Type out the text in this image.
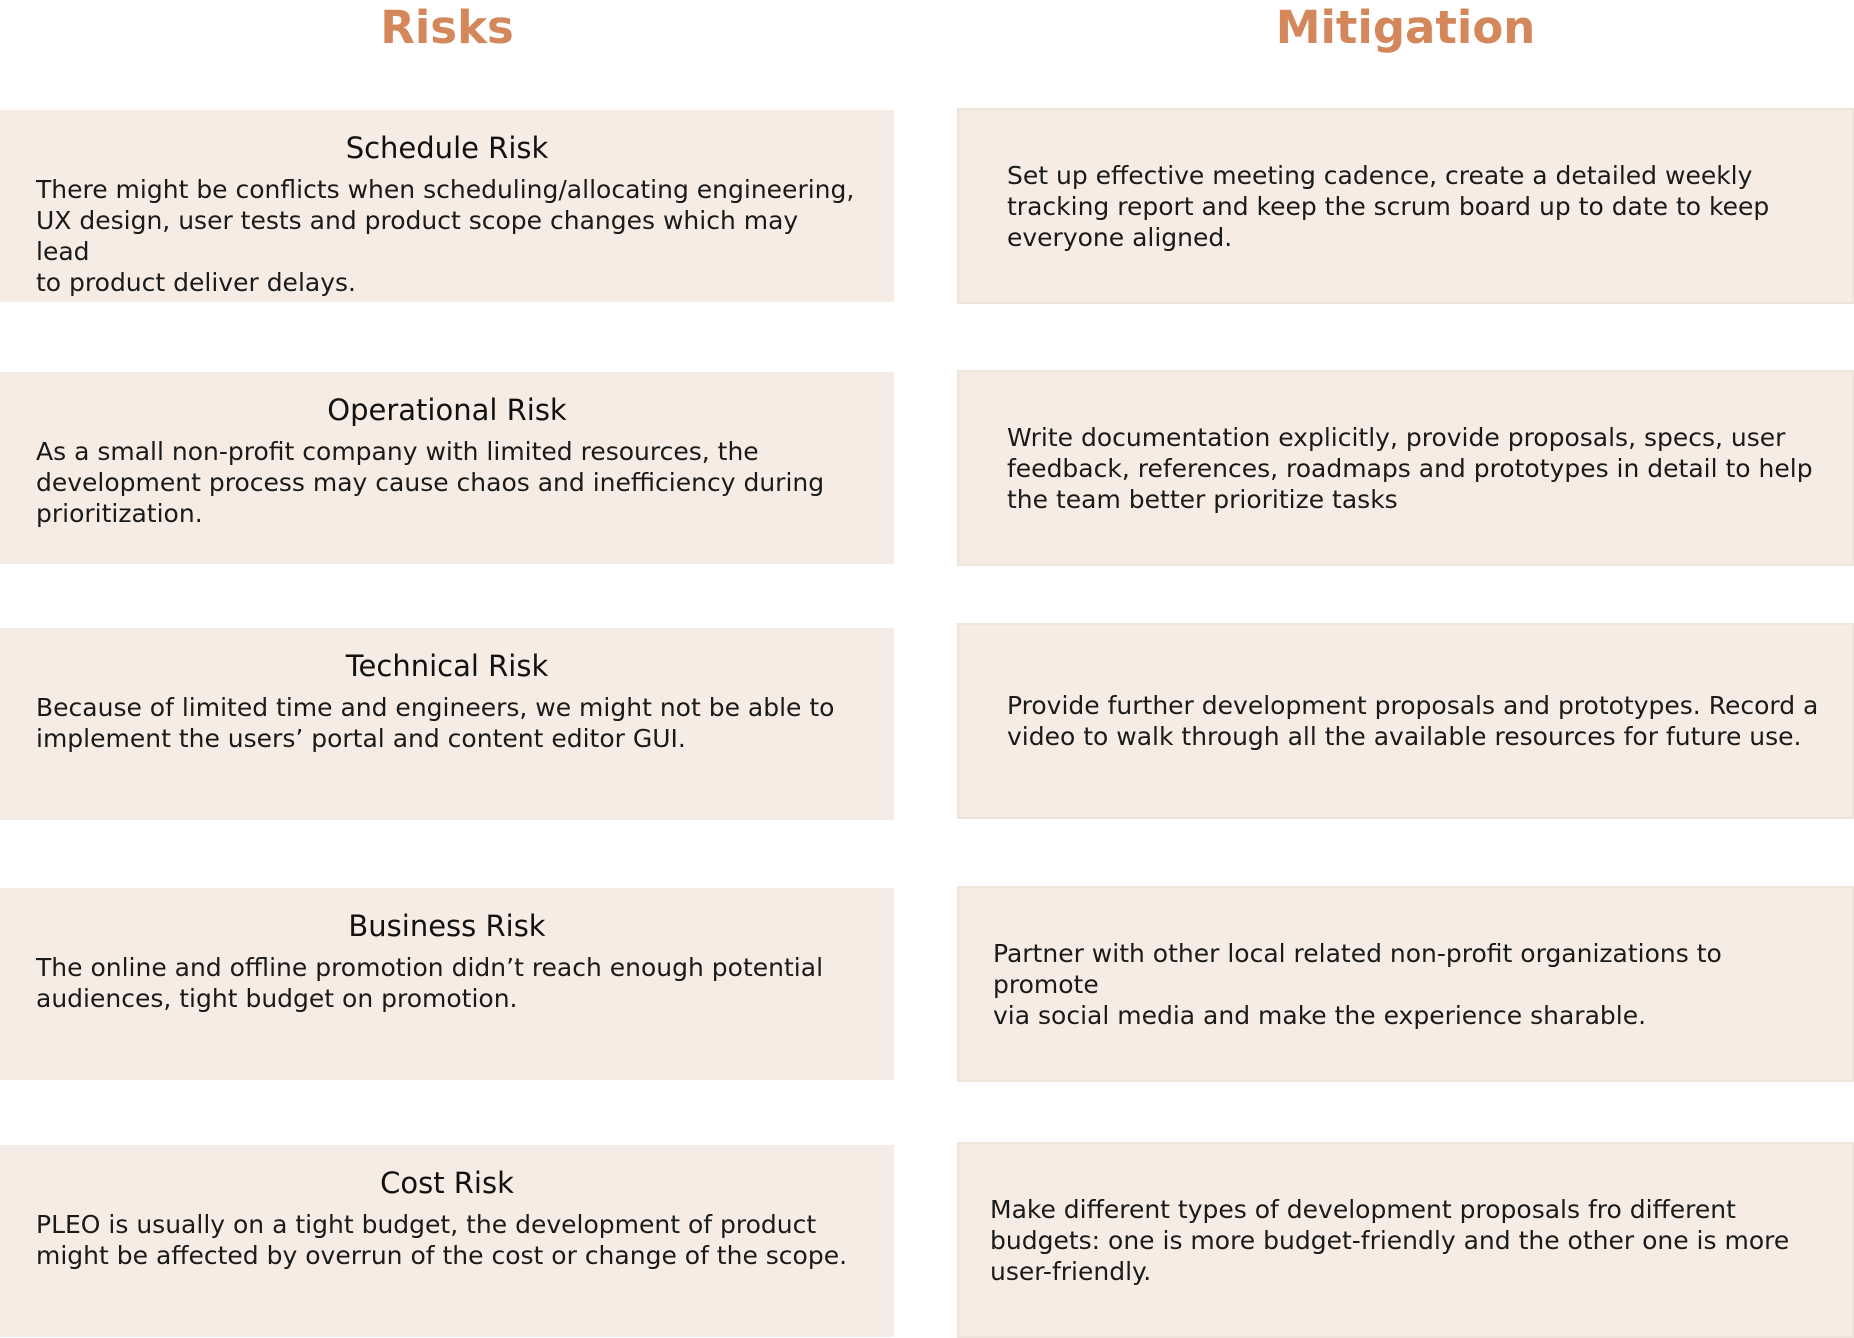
Risks	Mitigation
Schedule Risk

There might be conflicts when scheduling/allocating engineering,
UX design, user tests and product scope changes which may lead
to product deliver delays.

Operational Risk

As a small non-profit company with limited resources, the
development process may cause chaos and inefficiency during
prioritization.

Technical Risk

Because of limited time and engineers, we might not be able to
implement the users’ portal and content editor GUI.

Business Risk

The online and offline promotion didn’t reach enough potential
audiences, tight budget on promotion.

Cost Risk

PLEO is usually on a tight budget, the development of product
might be affected by overrun of the cost or change of the scope.

Set up effective meeting cadence, create a detailed weekly
tracking report and keep the scrum board up to date to keep
everyone aligned.

Write documentation explicitly, provide proposals, specs, user
feedback, references, roadmaps and prototypes in detail to help
the team better prioritize tasks

Provide further development proposals and prototypes. Record a
video to walk through all the available resources for future use.

Partner with other local related non-profit organizations to promote
via social media and make the experience sharable.

Make different types of development proposals fro different
budgets: one is more budget-friendly and the other one is more
user-friendly.
